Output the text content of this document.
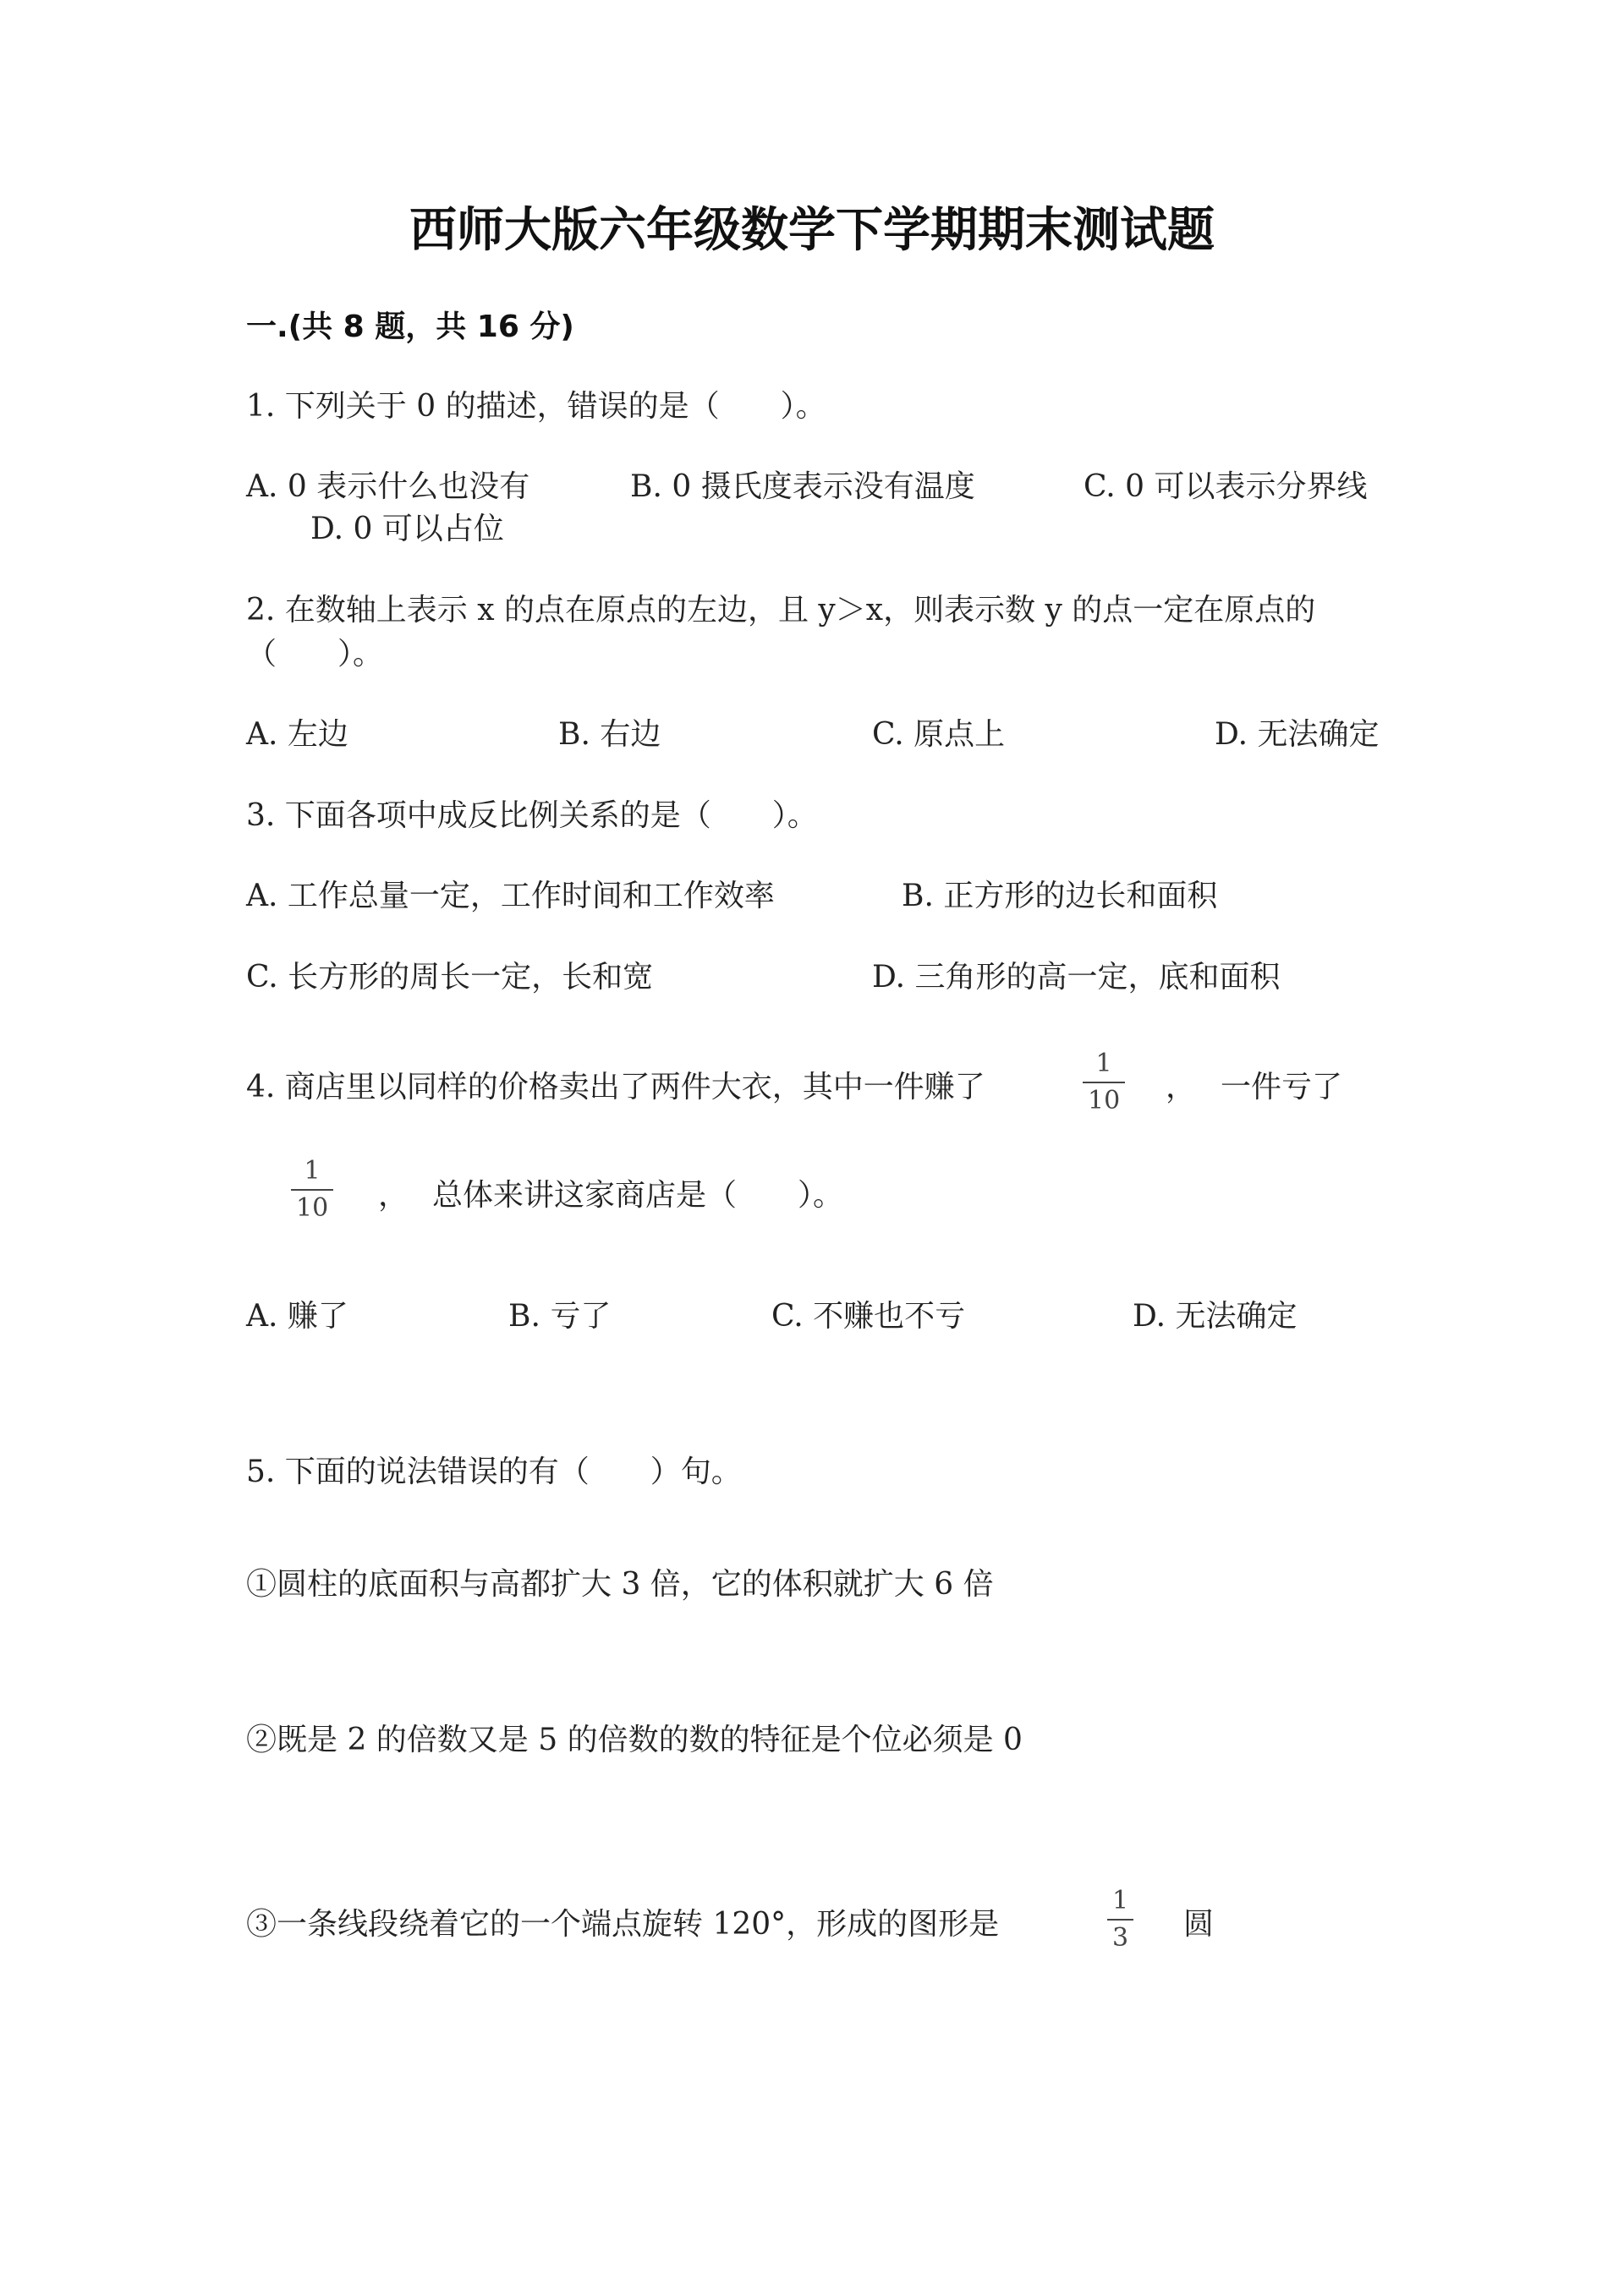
西师大版六年级数学下学期期末测试题
一.(共 8 题，共 16 分)
1. 下列关于 0 的描述，错误的是（　　）。
A. 0 表示什么也没有	B. 0 摄氏度表示没有温度	C. 0 可以表示分界线
D. 0 可以占位
2. 在数轴上表示 x 的点在原点的左边，且 y＞x，则表示数 y 的点一定在原点的
（　　）。
A. 左边	B. 右边	C. 原点上	D. 无法确定
3. 下面各项中成反比例关系的是（　　）。
A. 工作总量一定，工作时间和工作效率	B. 正方形的边长和面积
C. 长方形的周长一定，长和宽	D. 三角形的高一定，底和面积
4. 商店里以同样的价格卖出了两件大衣，其中一件赚了
1
10 ， 一件亏了
1
10 ， 总体来讲这家商店是（　　）。
A. 赚了	B. 亏了	C. 不赚也不亏	D. 无法确定
5. 下面的说法错误的有（　　）句。
①圆柱的底面积与高都扩大 3 倍，它的体积就扩大 6 倍
②既是 2 的倍数又是 5 的倍数的数的特征是个位必须是 0
③一条线段绕着它的一个端点旋转 120°，形成的图形是
1
3 圆
